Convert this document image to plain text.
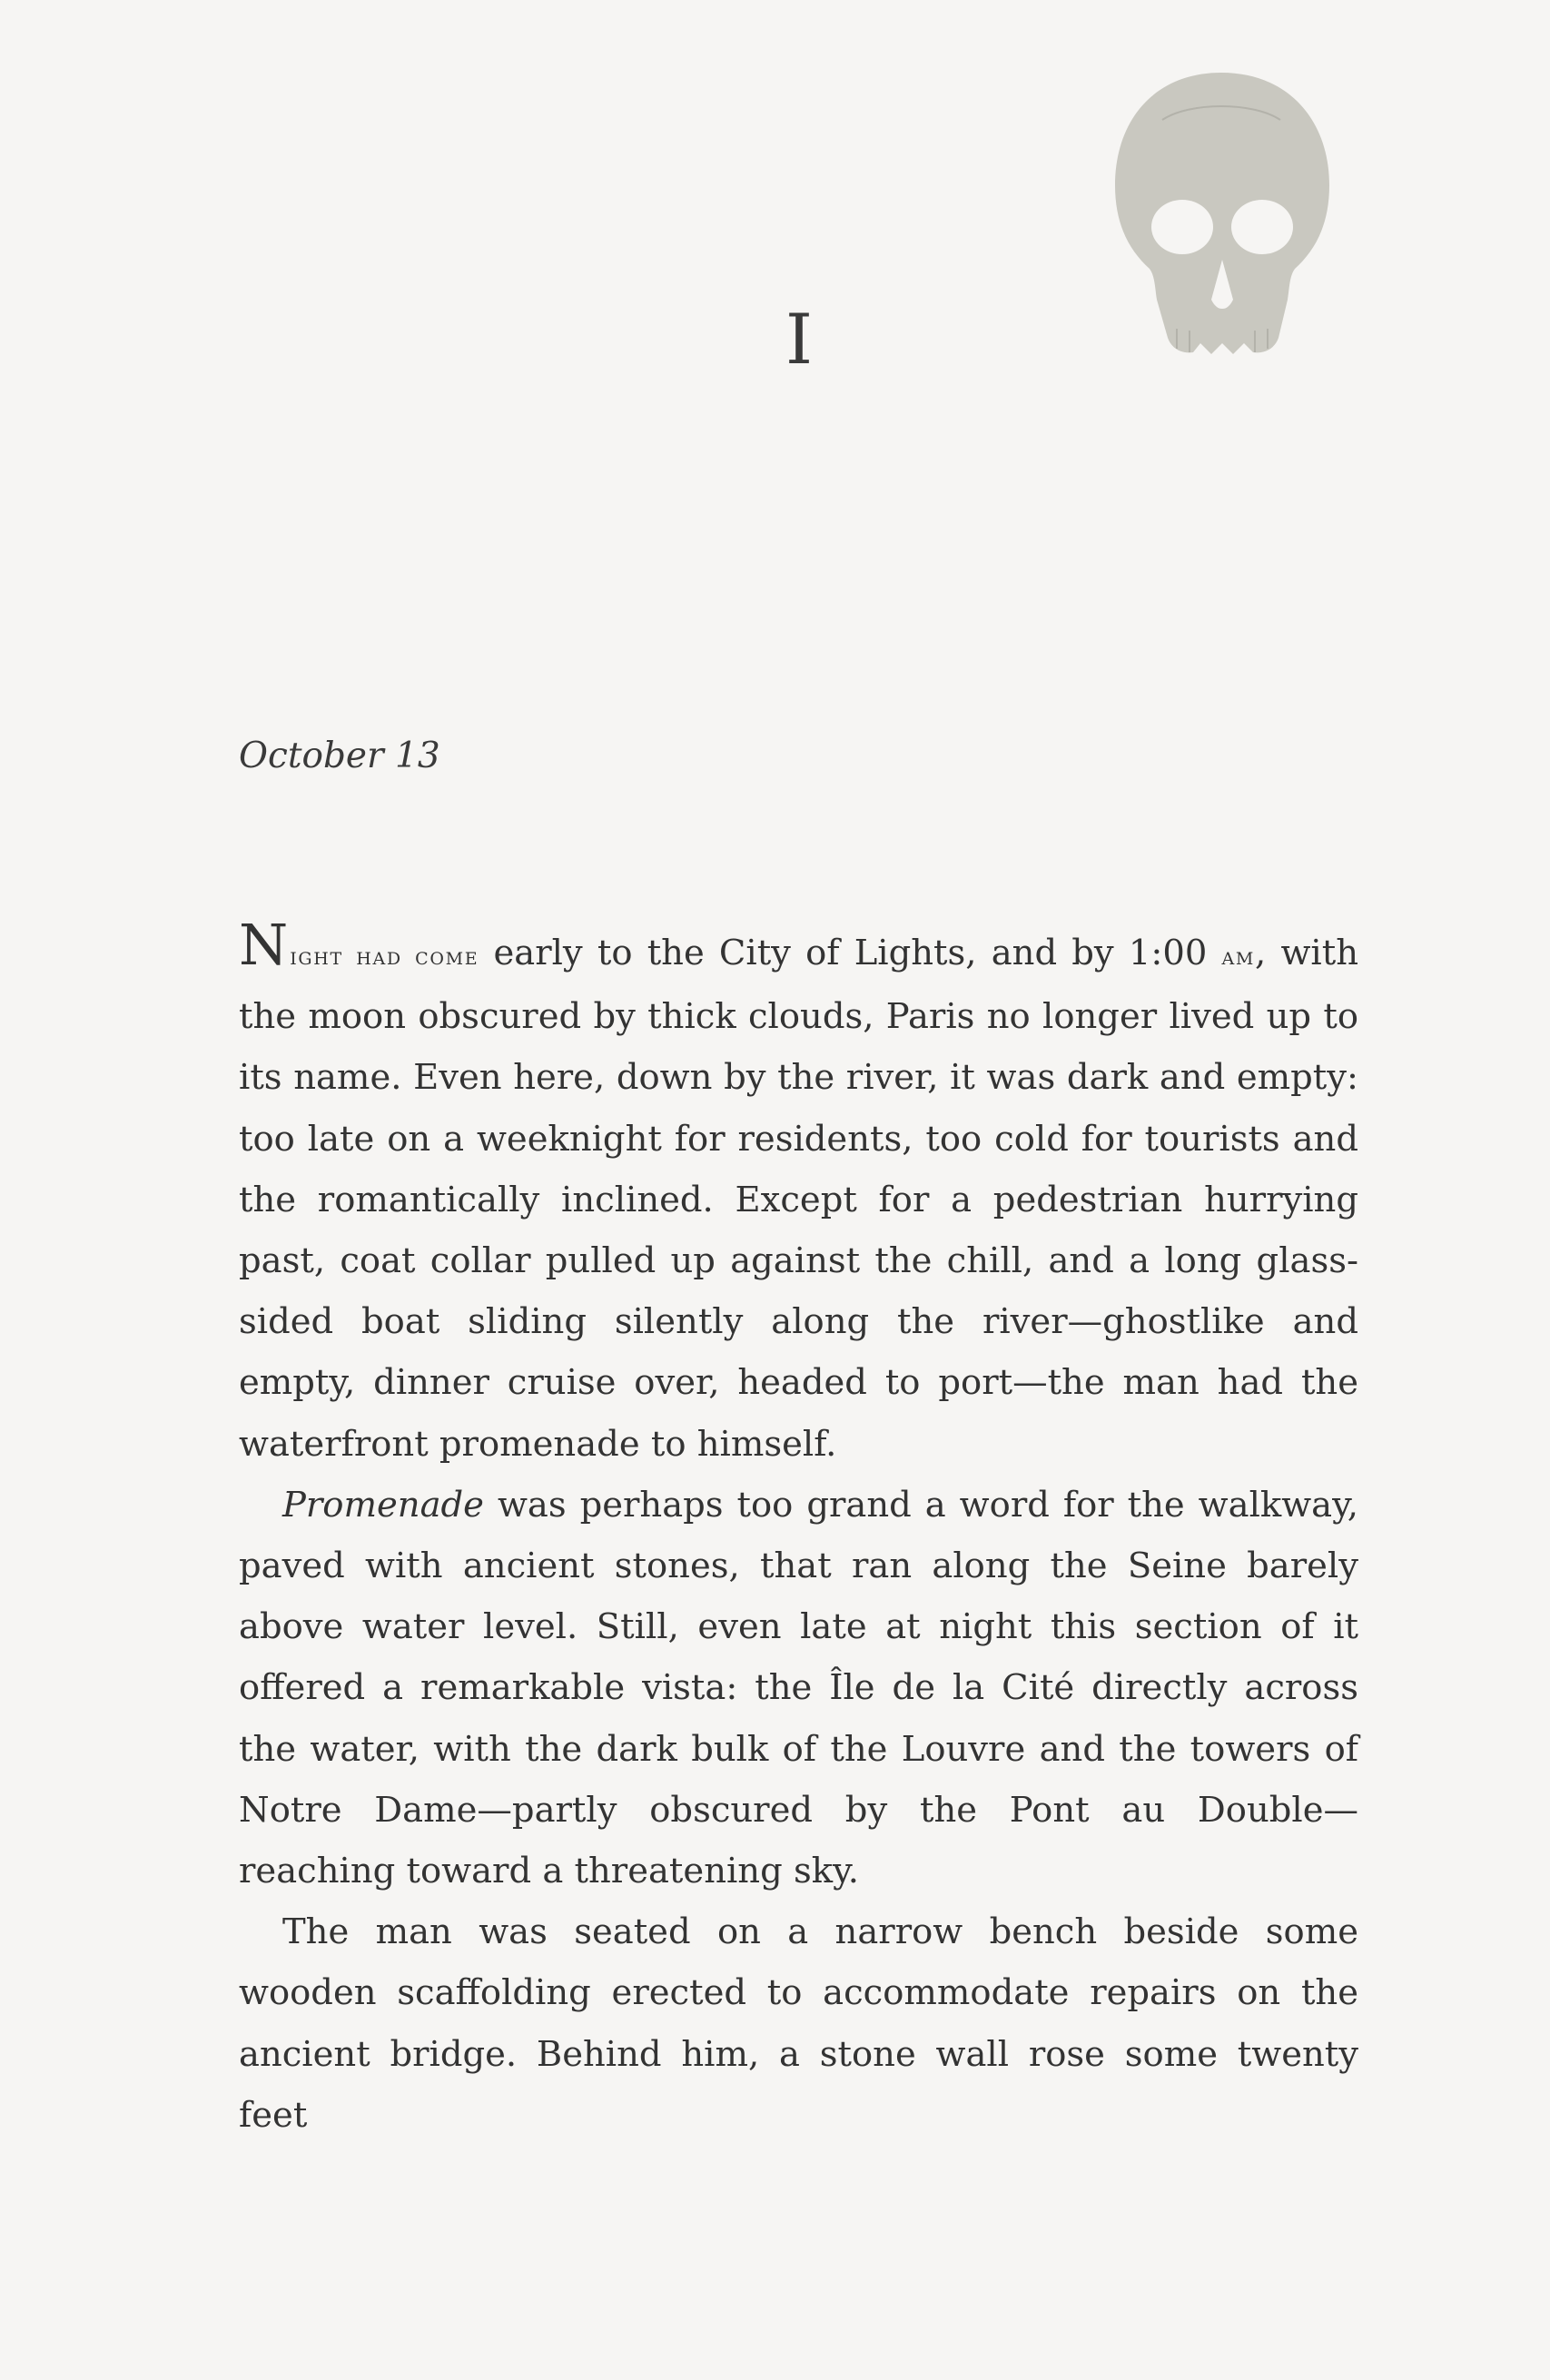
I
October 13

Night had come early to the City of Lights, and by 1:00 am, with the moon obscured by thick clouds, Paris no longer lived up to its name. Even here, down by the river, it was dark and empty: too late on a weeknight for residents, too cold for tourists and the romantically inclined. Except for a pedestrian hurrying past, coat collar pulled up against the chill, and a long glass-sided boat sliding silently along the river—ghostlike and empty, dinner cruise over, headed to port—the man had the waterfront promenade to himself.

Promenade was perhaps too grand a word for the walkway, paved with ancient stones, that ran along the Seine barely above water level. Still, even late at night this section of it offered a remarkable vista: the Île de la Cité directly across the water, with the dark bulk of the Louvre and the towers of Notre Dame—partly obscured by the Pont au Double—reaching toward a threatening sky.

The man was seated on a narrow bench beside some wooden scaffolding erected to accommodate repairs on the ancient bridge. Behind him, a stone wall rose some twenty feet
